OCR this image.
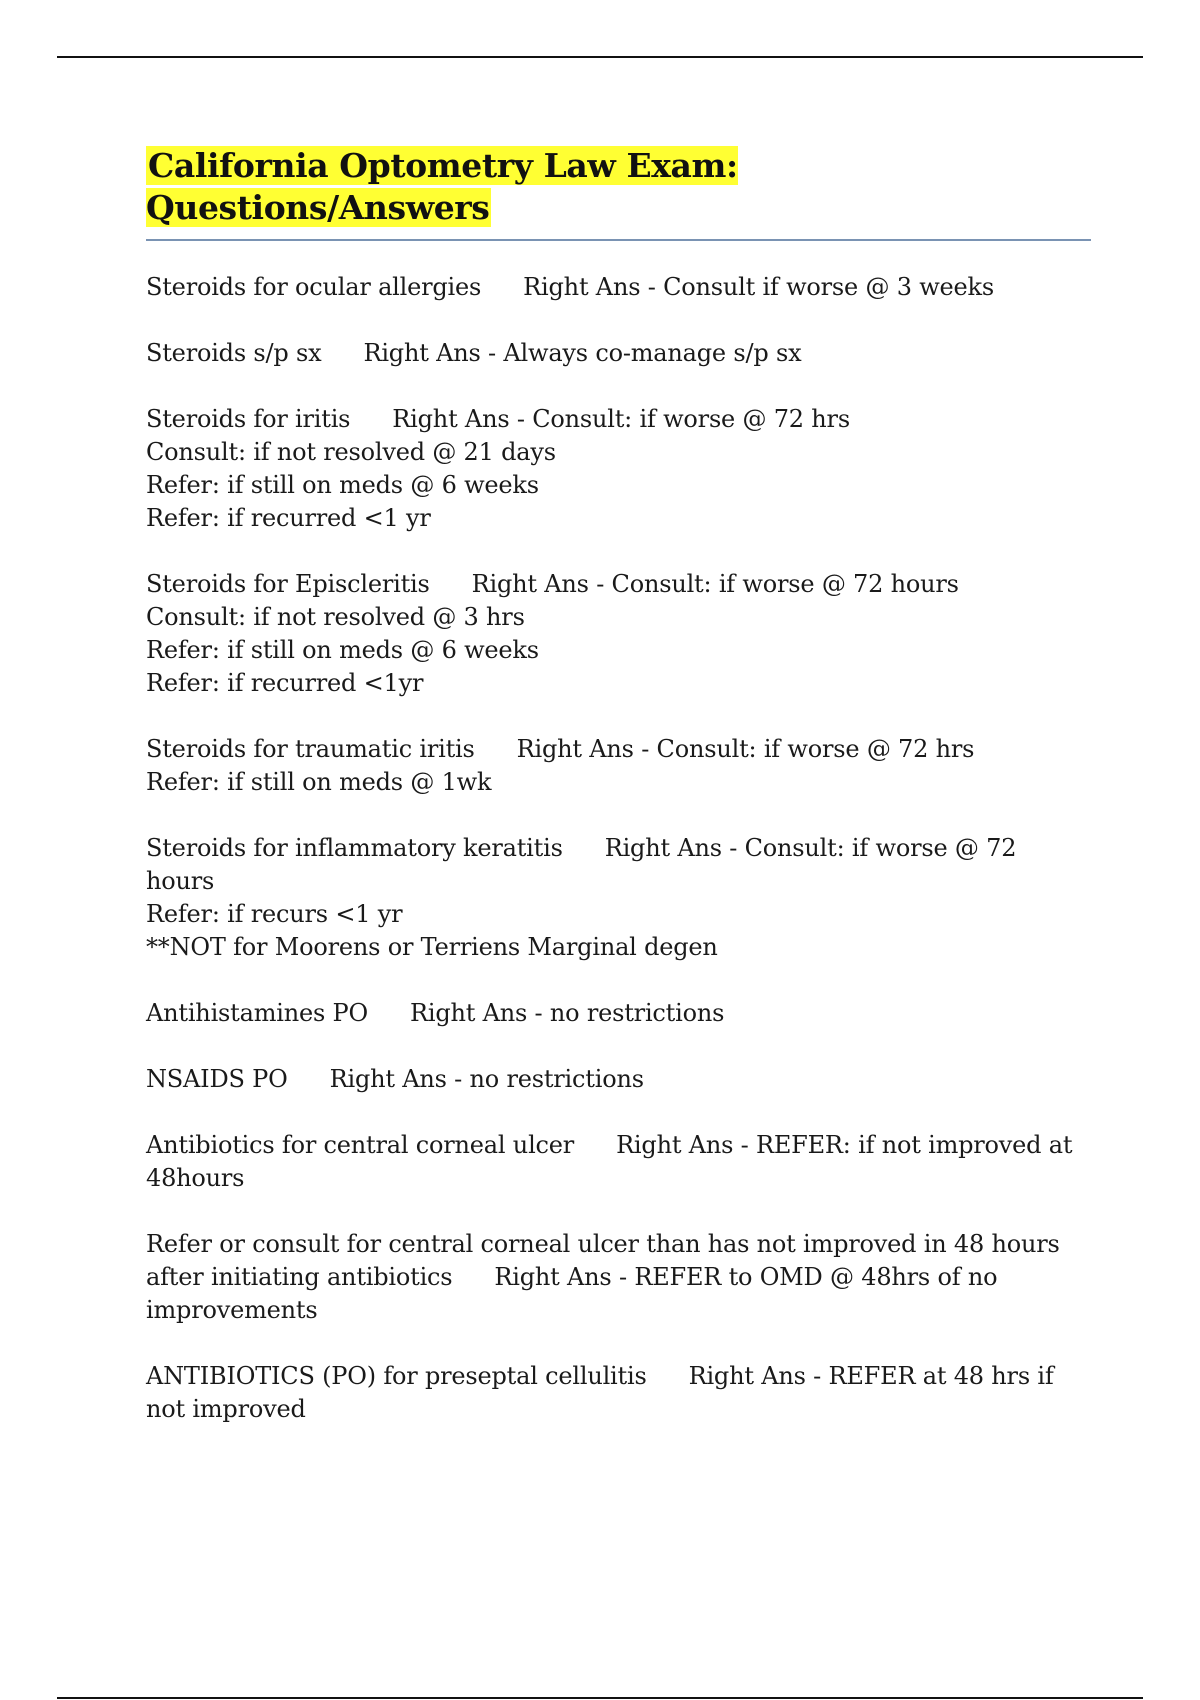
California Optometry Law Exam: Questions/Answers
Steroids for ocular allergies Right Ans - Consult if worse @ 3 weeks
Steroids s/p sx Right Ans - Always co-manage s/p sx
Steroids for iritis Right Ans - Consult: if worse @ 72 hrs
Consult: if not resolved @ 21 days
Refer: if still on meds @ 6 weeks
Refer: if recurred <1 yr
Steroids for Episcleritis Right Ans - Consult: if worse @ 72 hours
Consult: if not resolved @ 3 hrs
Refer: if still on meds @ 6 weeks
Refer: if recurred <1yr
Steroids for traumatic iritis Right Ans - Consult: if worse @ 72 hrs
Refer: if still on meds @ 1wk
Steroids for inflammatory keratitis Right Ans - Consult: if worse @ 72 hours
Refer: if recurs <1 yr
**NOT for Moorens or Terriens Marginal degen
Antihistamines PO Right Ans - no restrictions
NSAIDS PO Right Ans - no restrictions
Antibiotics for central corneal ulcer Right Ans - REFER: if not improved at 48hours
Refer or consult for central corneal ulcer than has not improved in 48 hours after initiating antibiotics Right Ans - REFER to OMD @ 48hrs of no improvements
ANTIBIOTICS (PO) for preseptal cellulitis Right Ans - REFER at 48 hrs if not improved
